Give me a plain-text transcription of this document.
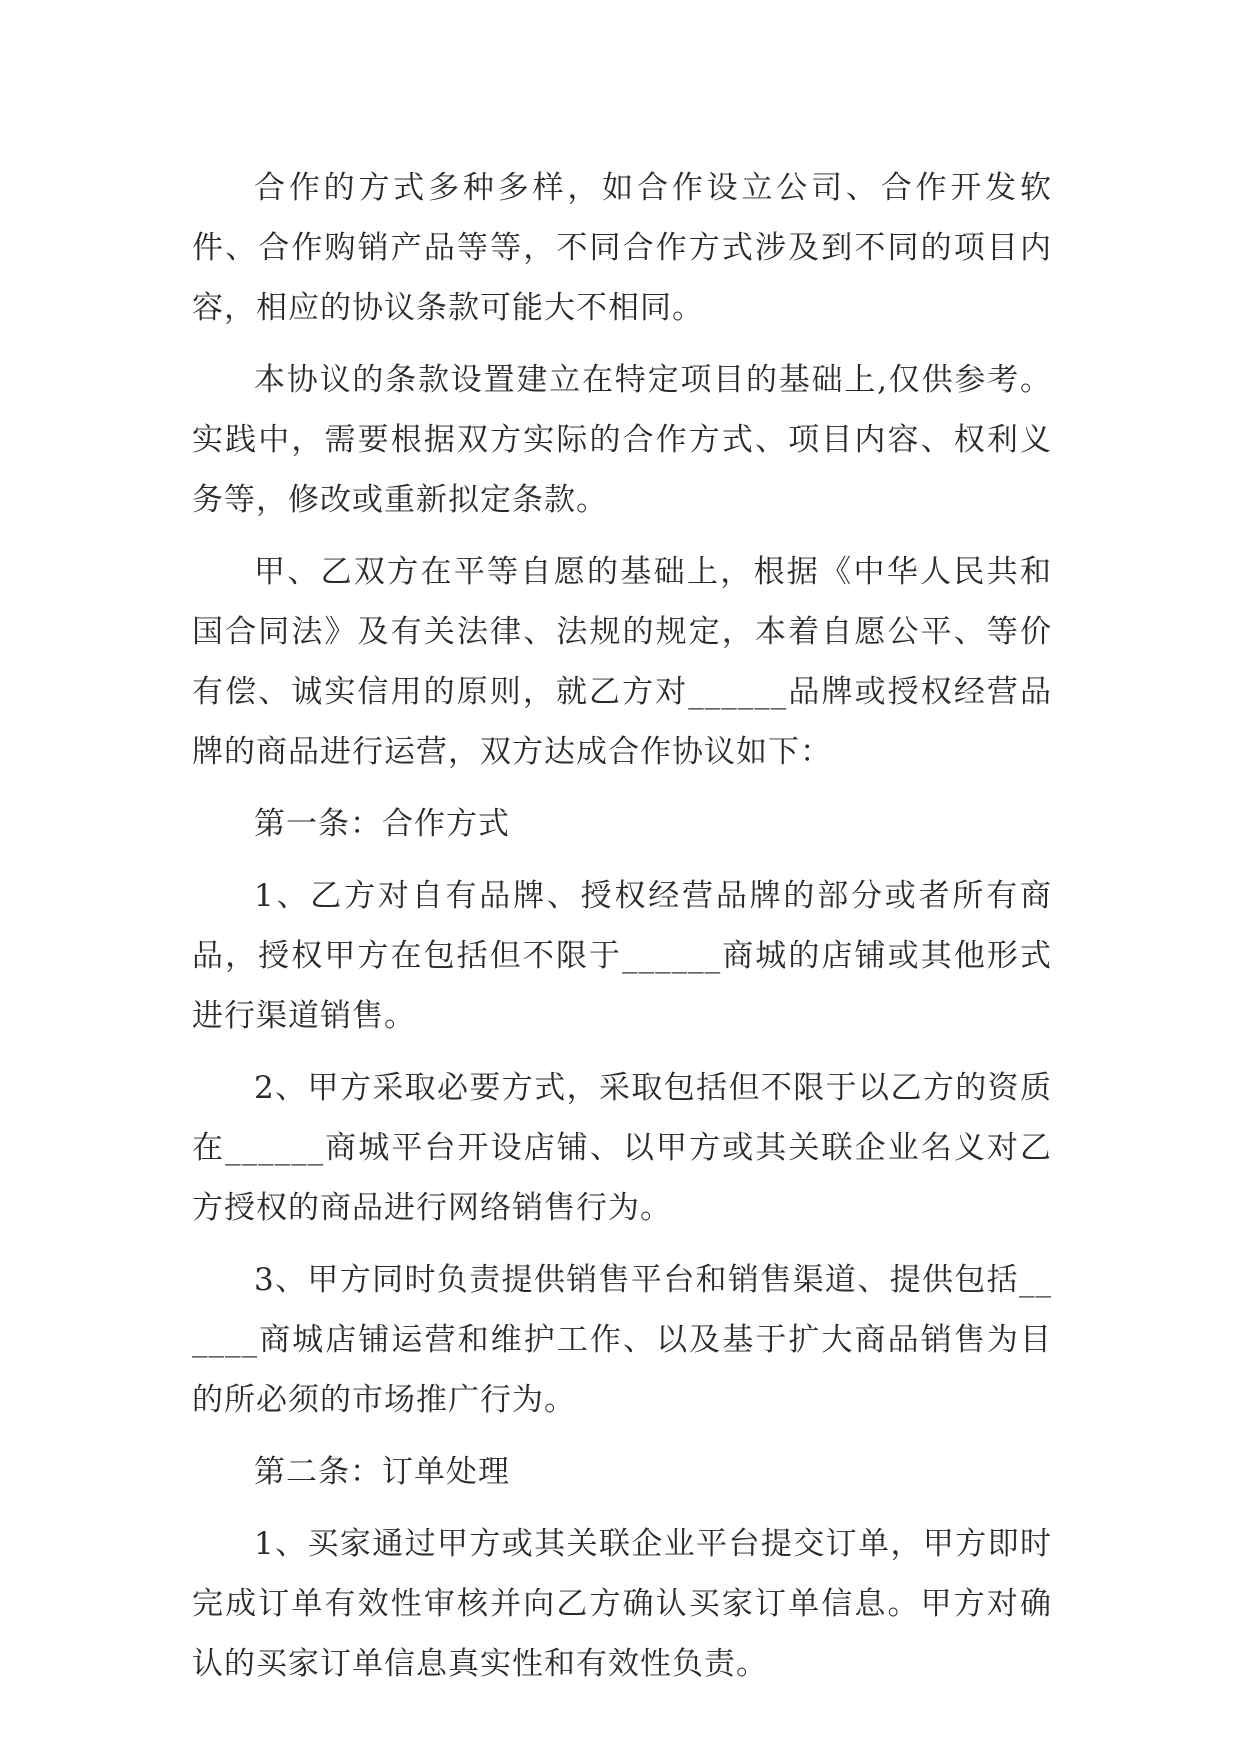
合作的方式多种多样，如合作设立公司、合作开发软件、合作购销产品等等，不同合作方式涉及到不同的项目内容，相应的协议条款可能大不相同。

本协议的条款设置建立在特定项目的基础上,仅供参考。实践中，需要根据双方实际的合作方式、项目内容、权利义务等，修改或重新拟定条款。

甲、乙双方在平等自愿的基础上，根据《中华人民共和国合同法》及有关法律、法规的规定，本着自愿公平、等价有偿、诚实信用的原则，就乙方对______品牌或授权经营品牌的商品进行运营，双方达成合作协议如下：

第一条：合作方式

1、乙方对自有品牌、授权经营品牌的部分或者所有商品，授权甲方在包括但不限于______商城的店铺或其他形式进行渠道销售。

2、甲方采取必要方式，采取包括但不限于以乙方的资质在______商城平台开设店铺、以甲方或其关联企业名义对乙方授权的商品进行网络销售行为。

3、甲方同时负责提供销售平台和销售渠道、提供包括______商城店铺运营和维护工作、以及基于扩大商品销售为目的所必须的市场推广行为。

第二条：订单处理

1、买家通过甲方或其关联企业平台提交订单，甲方即时完成订单有效性审核并向乙方确认买家订单信息。甲方对确认的买家订单信息真实性和有效性负责。
